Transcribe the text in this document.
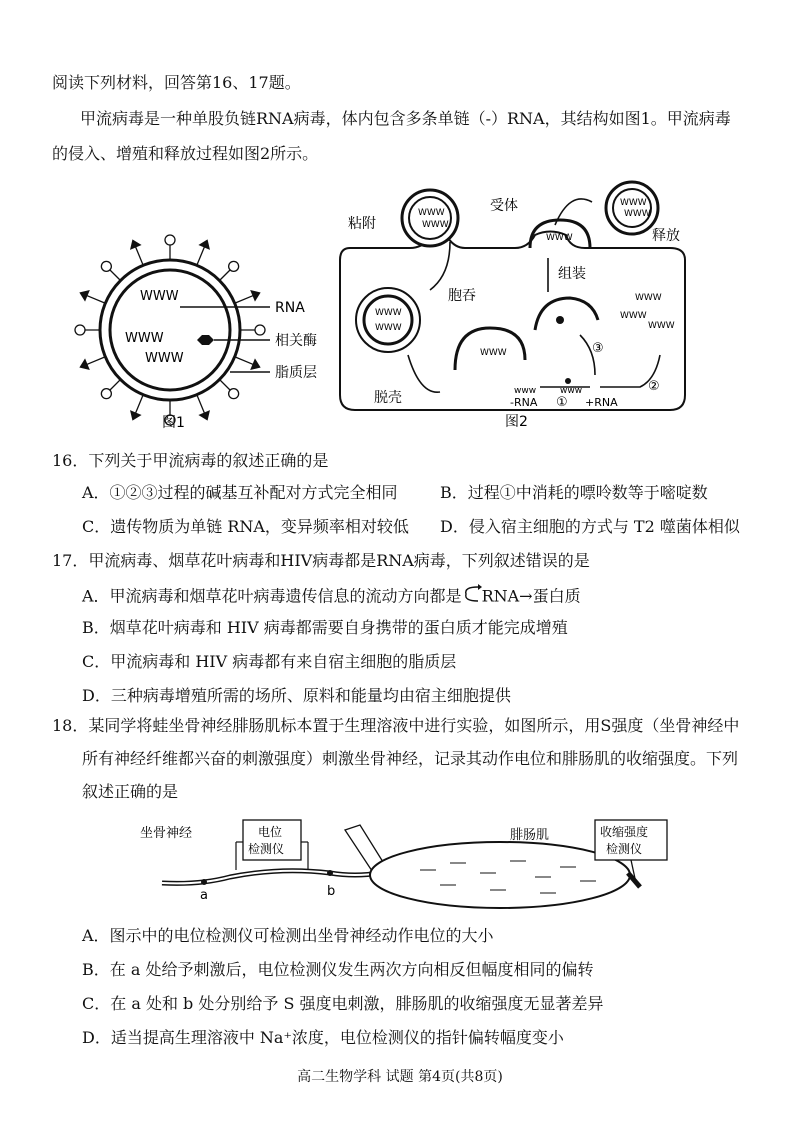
阅读下列材料，回答第16、17题。
甲流病毒是一种单股负链RNA病毒，体内包含多条单链（-）RNA，其结构如图1。甲流病毒
的侵入、增殖和释放过程如图2所示。
WWW
WWW
WWW
RNA
相关酶
脂质层
图1
WWW
WWW
WWW
WWW
WWW
WWW
WWW
WWW
WWW
WWW
WWW
www	www
粘附
受体
释放
组装
胞吞
脱壳	-RNA	+RNA
①
②
③
图2
16．下列关于甲流病毒的叙述正确的是
A．①②③过程的碱基互补配对方式完全相同	B．过程①中消耗的嘌呤数等于嘧啶数
C．遗传物质为单链 RNA，变异频率相对较低 D．侵入宿主细胞的方式与 T2 噬菌体相似
17．甲流病毒、烟草花叶病毒和HIV病毒都是RNA病毒，下列叙述错误的是
A．甲流病毒和烟草花叶病毒遗传信息的流动方向都是 RNA→蛋白质
B．烟草花叶病毒和 HIV 病毒都需要自身携带的蛋白质才能完成增殖
C．甲流病毒和 HIV 病毒都有来自宿主细胞的脂质层
D．三种病毒增殖所需的场所、原料和能量均由宿主细胞提供
18．某同学将蛙坐骨神经腓肠肌标本置于生理溶液中进行实验，如图所示，用S强度（坐骨神经中
所有神经纤维都兴奋的刺激强度）刺激坐骨神经，记录其动作电位和腓肠肌的收缩强度。下列
叙述正确的是
坐骨神经	电位
检测仪
a	b
腓肠肌	收缩强度
检测仪
A．图示中的电位检测仪可检测出坐骨神经动作电位的大小
B．在 a 处给予刺激后，电位检测仪发生两次方向相反但幅度相同的偏转
C．在 a 处和 b 处分别给予 S 强度电刺激，腓肠肌的收缩强度无显著差异
D．适当提高生理溶液中 Na⁺浓度，电位检测仪的指针偏转幅度变小
高二生物学科 试题 第4页(共8页)
